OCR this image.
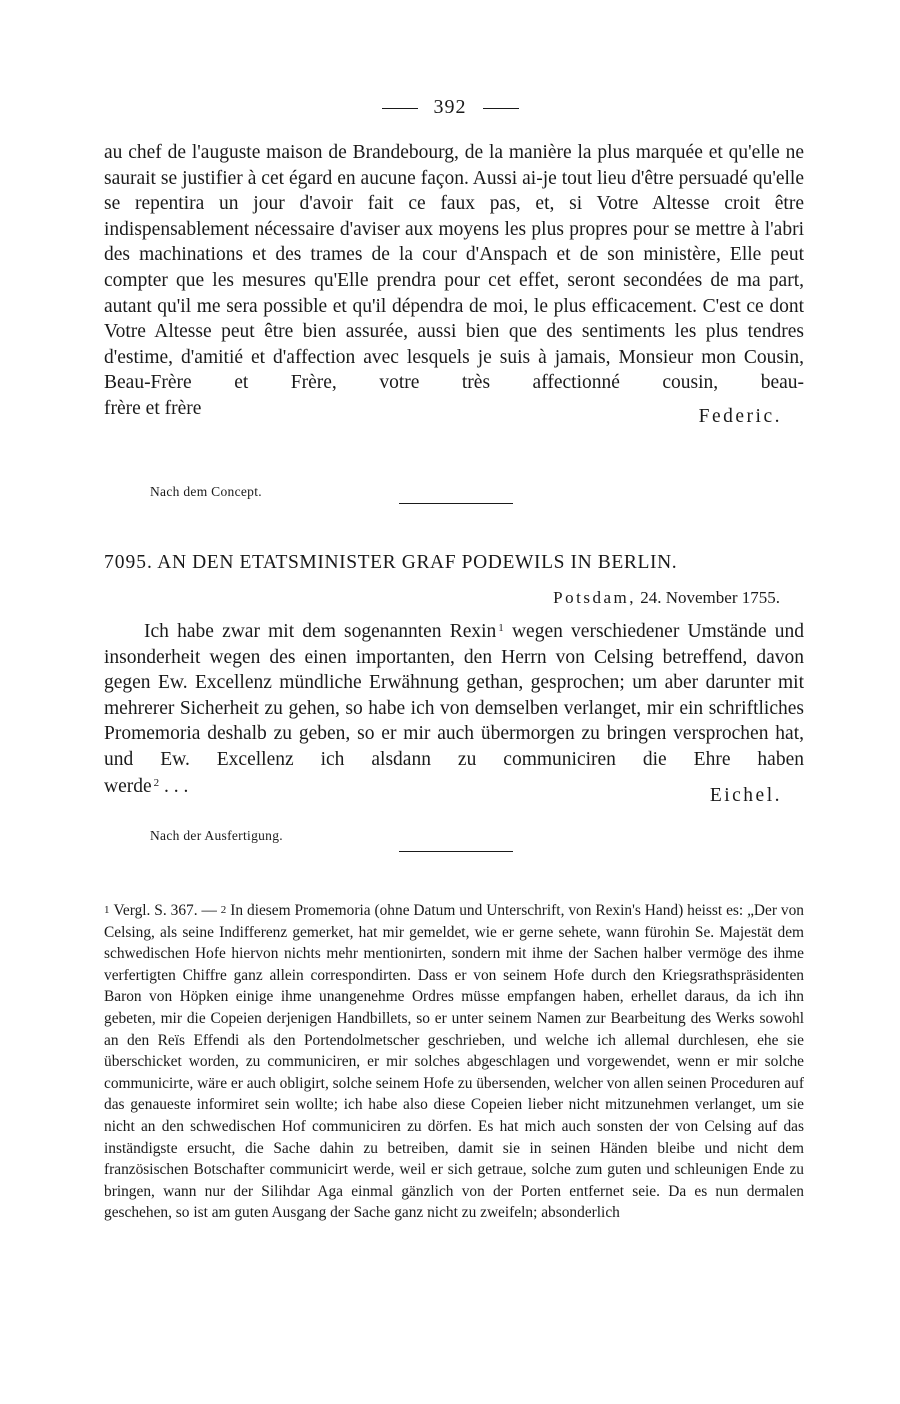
392
au chef de l'auguste maison de Brandebourg, de la manière la plus marquée et qu'elle ne saurait se justifier à cet égard en aucune façon. Aussi ai-je tout lieu d'être persuadé qu'elle se repentira un jour d'avoir fait ce faux pas, et, si Votre Altesse croit être indispensablement nécessaire d'aviser aux moyens les plus propres pour se mettre à l'abri des machinations et des trames de la cour d'Anspach et de son ministère, Elle peut compter que les mesures qu'Elle prendra pour cet effet, seront secondées de ma part, autant qu'il me sera possible et qu'il dépendra de moi, le plus efficacement. C'est ce dont Votre Altesse peut être bien assurée, aussi bien que des sentiments les plus tendres d'estime, d'amitié et d'affection avec lesquels je suis à jamais, Monsieur mon Cousin, Beau-Frère et Frère, votre très affectionné cousin, beau-
frère et frère	Federic.
Nach dem Concept.
7095. AN DEN ETATSMINISTER GRAF PODEWILS IN BERLIN.
Potsdam, 24. November 1755.
Ich habe zwar mit dem sogenannten Rexin $^1$ wegen verschiedener Umstände und insonderheit wegen des einen importanten, den Herrn von Celsing betreffend, davon gegen Ew. Excellenz mündliche Erwähnung gethan, gesprochen; um aber darunter mit mehrerer Sicherheit zu gehen, so habe ich von demselben verlanget, mir ein schriftliches Promemoria deshalb zu geben, so er mir auch übermorgen zu bringen versprochen hat, und Ew. Excellenz ich alsdann zu communiciren die Ehre haben
werde $^2$ . . .	Eichel.
Nach der Ausfertigung.
1 Vergl. S. 367. — 2 In diesem Promemoria (ohne Datum und Unterschrift, von Rexin's Hand) heisst es: „Der von Celsing, als seine Indifferenz gemerket, hat mir gemeldet, wie er gerne sehete, wann fürohin Se. Majestät dem schwedischen Hofe hiervon nichts mehr mentionirten, sondern mit ihme der Sachen halber vermöge des ihme verfertigten Chiffre ganz allein correspondirten. Dass er von seinem Hofe durch den Kriegsrathspräsidenten Baron von Höpken einige ihme unangenehme Ordres müsse empfangen haben, erhellet daraus, da ich ihn gebeten, mir die Copeien derjenigen Handbillets, so er unter seinem Namen zur Bearbeitung des Werks sowohl an den Reïs Effendi als den Portendolmetscher geschrieben, und welche ich allemal durchlesen, ehe sie überschicket worden, zu communiciren, er mir solches abgeschlagen und vorgewendet, wenn er mir solche communicirte, wäre er auch obligirt, solche seinem Hofe zu übersenden, welcher von allen seinen Proceduren auf das genaueste informiret sein wollte; ich habe also diese Copeien lieber nicht mitzunehmen verlanget, um sie nicht an den schwedischen Hof communiciren zu dörfen. Es hat mich auch sonsten der von Celsing auf das inständigste ersucht, die Sache dahin zu betreiben, damit sie in seinen Händen bleibe und nicht dem französischen Botschafter communicirt werde, weil er sich getraue, solche zum guten und schleunigen Ende zu bringen, wann nur der Silihdar Aga einmal gänzlich von der Porten entfernet seie. Da es nun dermalen geschehen, so ist am guten Ausgang der Sache ganz nicht zu zweifeln; absonderlich
